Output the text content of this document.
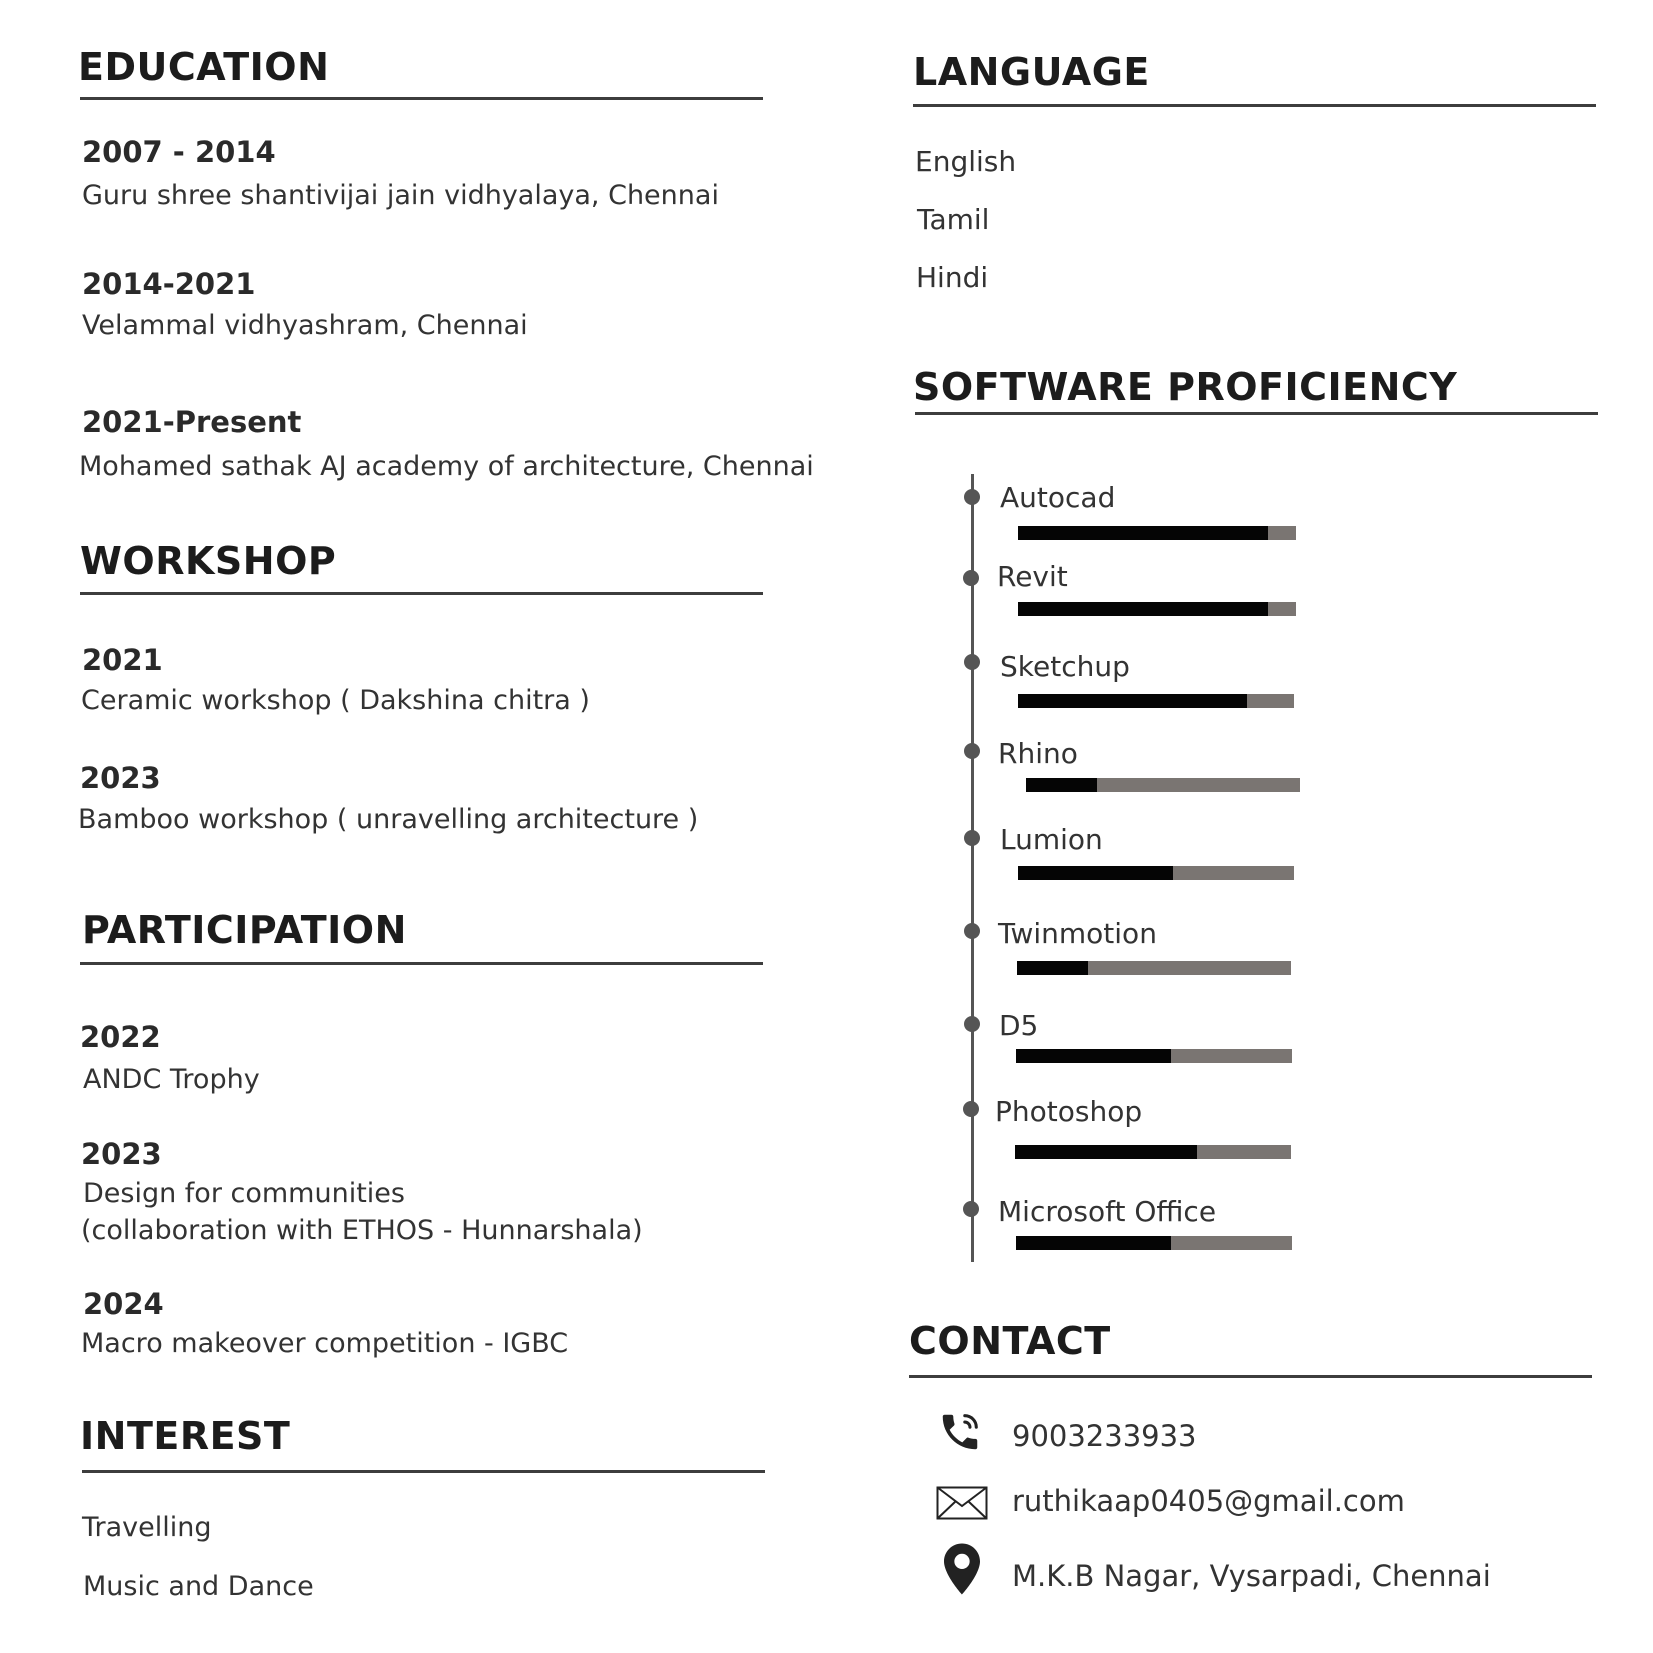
EDUCATION
2007 - 2014
Guru shree shantivijai jain vidhyalaya, Chennai
2014-2021
Velammal vidhyashram, Chennai
2021-Present
Mohamed sathak AJ academy of architecture, Chennai
WORKSHOP
2021
Ceramic workshop ( Dakshina chitra )
2023
Bamboo workshop ( unravelling architecture )
PARTICIPATION
2022
ANDC Trophy
2023
Design for communities
(collaboration with ETHOS - Hunnarshala)
2024
Macro makeover competition - IGBC
INTEREST
Travelling
Music and Dance
LANGUAGE
English
Tamil
Hindi
SOFTWARE PROFICIENCY
Autocad
Revit
Sketchup
Rhino
Lumion
Twinmotion
D5
Photoshop
Microsoft Office
CONTACT
9003233933
ruthikaap0405@gmail.com
M.K.B Nagar, Vysarpadi, Chennai
